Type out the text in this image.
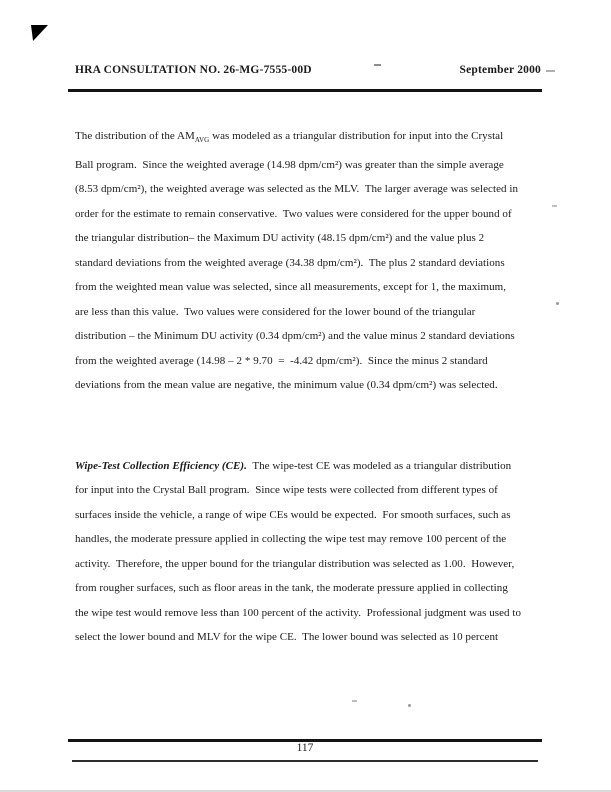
HRA CONSULTATION NO. 26-MG-7555-00D	September 2000
The distribution of the $AM_{AVG}$ was modeled as a triangular distribution for input into the Crystal
Ball program.  Since the weighted average (14.98 dpm/cm²) was greater than the simple average
(8.53 dpm/cm²), the weighted average was selected as the MLV.  The larger average was selected in
order for the estimate to remain conservative.  Two values were considered for the upper bound of
the triangular distribution– the Maximum DU activity (48.15 dpm/cm²) and the value plus 2
standard deviations from the weighted average (34.38 dpm/cm²).  The plus 2 standard deviations
from the weighted mean value was selected, since all measurements, except for 1, the maximum,
are less than this value.  Two values were considered for the lower bound of the triangular
distribution – the Minimum DU activity (0.34 dpm/cm²) and the value minus 2 standard deviations
from the weighted average (14.98 – 2 * 9.70  =  -4.42 dpm/cm²).  Since the minus 2 standard
deviations from the mean value are negative, the minimum value (0.34 dpm/cm²) was selected.
Wipe-Test Collection Efficiency (CE).  The wipe-test CE was modeled as a triangular distribution
for input into the Crystal Ball program.  Since wipe tests were collected from different types of
surfaces inside the vehicle, a range of wipe CEs would be expected.  For smooth surfaces, such as
handles, the moderate pressure applied in collecting the wipe test may remove 100 percent of the
activity.  Therefore, the upper bound for the triangular distribution was selected as 1.00.  However,
from rougher surfaces, such as floor areas in the tank, the moderate pressure applied in collecting
the wipe test would remove less than 100 percent of the activity.  Professional judgment was used to
select the lower bound and MLV for the wipe CE.  The lower bound was selected as 10 percent
117
